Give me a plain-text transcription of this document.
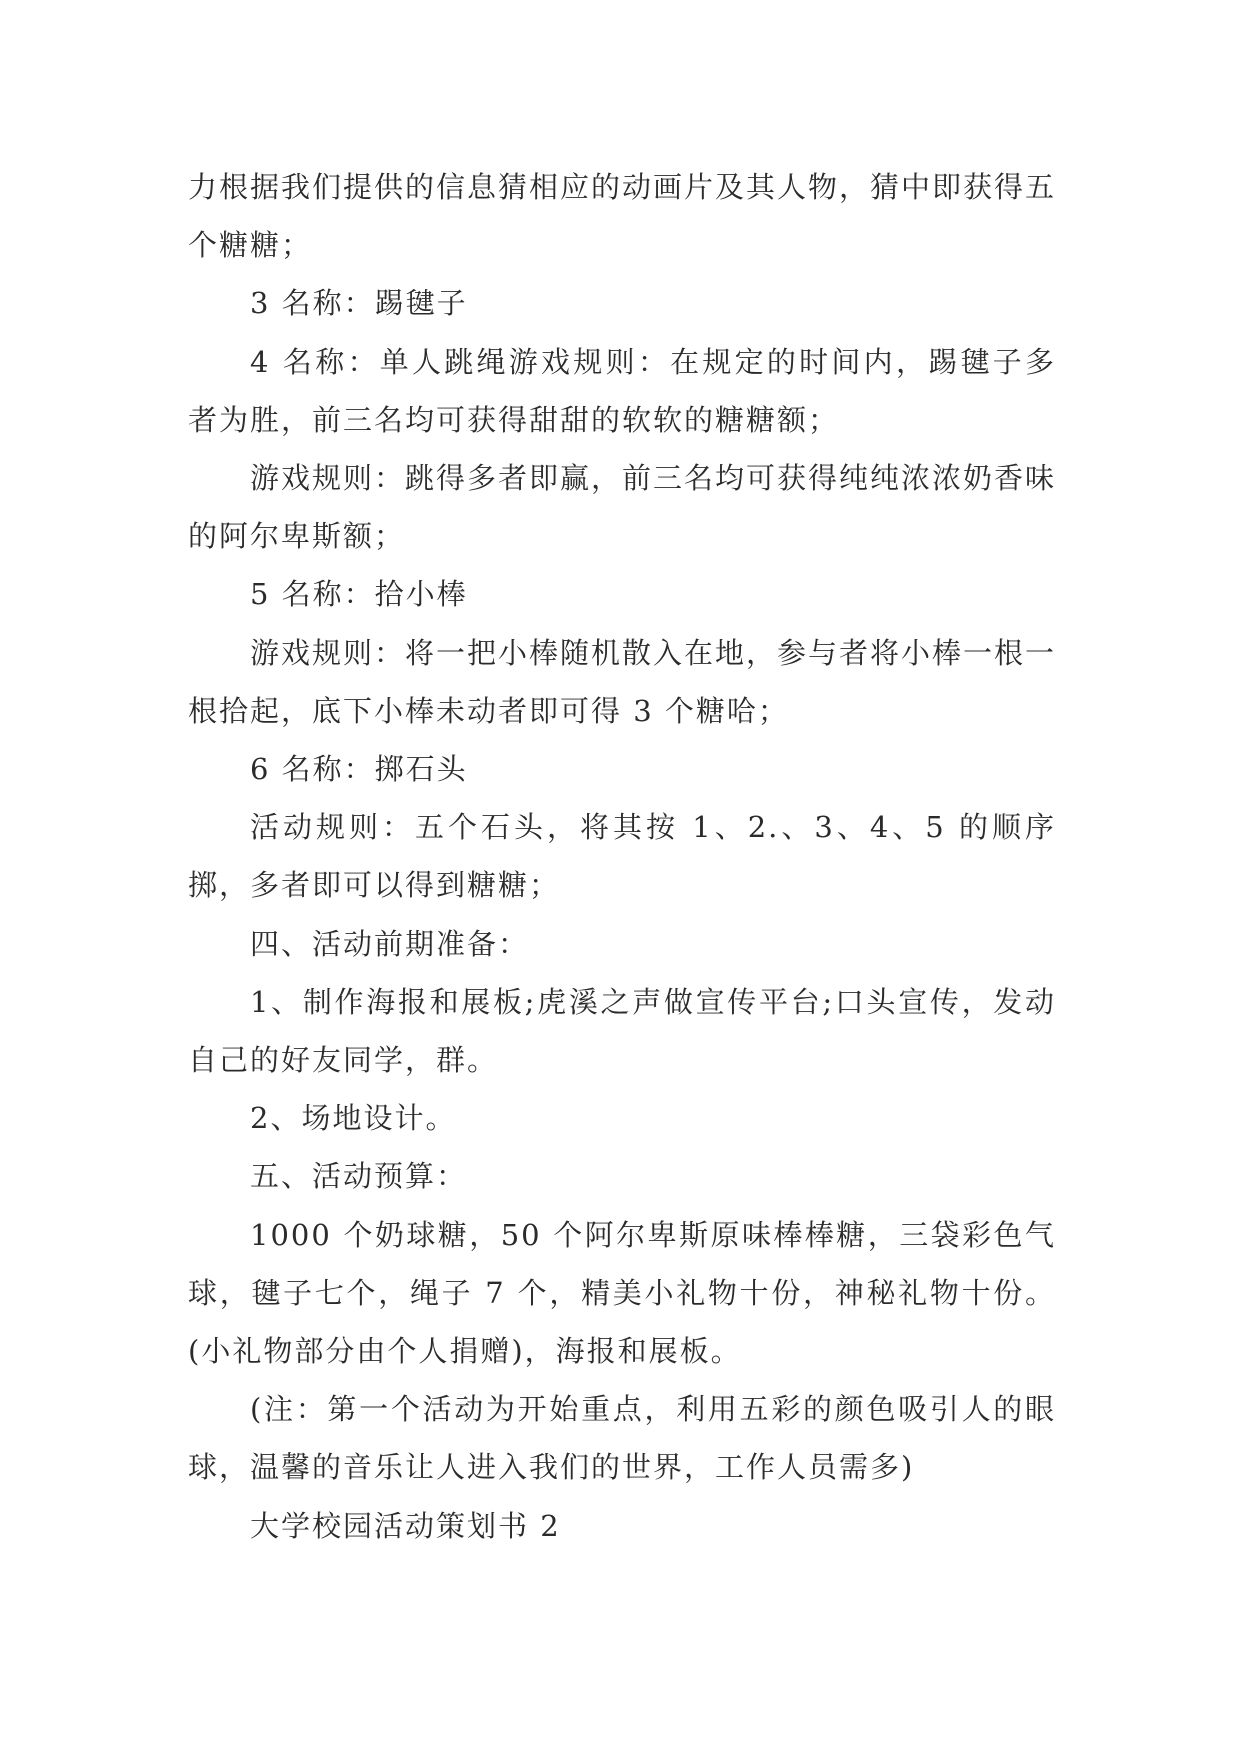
力根据我们提供的信息猜相应的动画片及其人物，猜中即获得五个糖糖；

3 名称：踢毽子

4 名称：单人跳绳游戏规则：在规定的时间内，踢毽子多者为胜，前三名均可获得甜甜的软软的糖糖额；

游戏规则：跳得多者即赢，前三名均可获得纯纯浓浓奶香味的阿尔卑斯额；

5 名称：拾小棒

游戏规则：将一把小棒随机散入在地，参与者将小棒一根一根拾起，底下小棒未动者即可得 3 个糖哈；

6 名称：掷石头

活动规则：五个石头，将其按 1、2.、3、4、5 的顺序掷，多者即可以得到糖糖；

四、活动前期准备：

1、制作海报和展板;虎溪之声做宣传平台;口头宣传，发动自己的好友同学，群。

2、场地设计。

五、活动预算：

1000 个奶球糖，50 个阿尔卑斯原味棒棒糖，三袋彩色气球，毽子七个，绳子 7 个，精美小礼物十份，神秘礼物十份。(小礼物部分由个人捐赠)，海报和展板。

(注：第一个活动为开始重点，利用五彩的颜色吸引人的眼球，温馨的音乐让人进入我们的世界，工作人员需多)

大学校园活动策划书 2
